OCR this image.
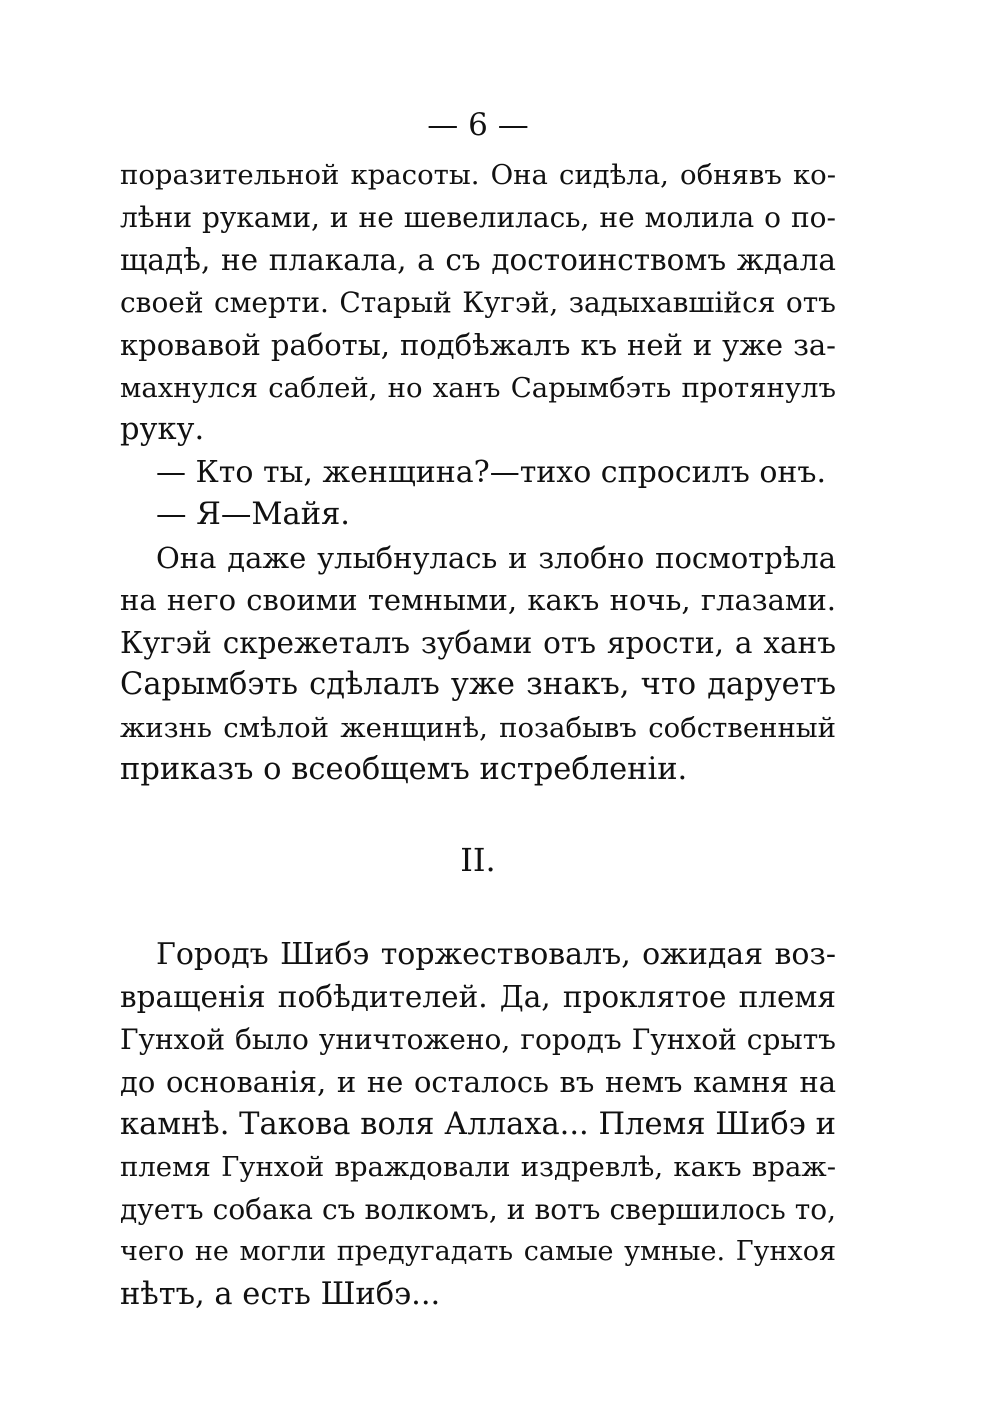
— 6 —
поразительной красоты. Она сидѣла, обнявъ ко-
лѣни руками, и не шевелилась, не молила о по-
щадѣ, не плакала, а съ достоинствомъ ждала
своей смерти. Старый Кугэй, задыхавшійся отъ
кровавой работы, подбѣжалъ къ ней и уже за-
махнулся саблей, но ханъ Сарымбэть протянулъ
руку.
— Кто ты, женщина?—тихо спросилъ онъ.
— Я—Майя.
Она даже улыбнулась и злобно посмотрѣла
на него своими темными, какъ ночь, глазами.
Кугэй скрежеталъ зубами отъ ярости, а ханъ
Сарымбэть сдѣлалъ уже знакъ, что даруетъ
жизнь смѣлой женщинѣ, позабывъ собственный
приказъ о всеобщемъ истребленіи.
II.
Городъ Шибэ торжествовалъ, ожидая воз-
вращенія побѣдителей. Да, проклятое племя
Гунхой было уничтожено, городъ Гунхой срытъ
до основанія, и не осталось въ немъ камня на
камнѣ. Такова воля Аллаха... Племя Шибэ и
племя Гунхой враждовали издревлѣ, какъ враж-
дуетъ собака съ волкомъ, и вотъ свершилось то,
чего не могли предугадать самые умные. Гунхоя
нѣтъ, а есть Шибэ...
